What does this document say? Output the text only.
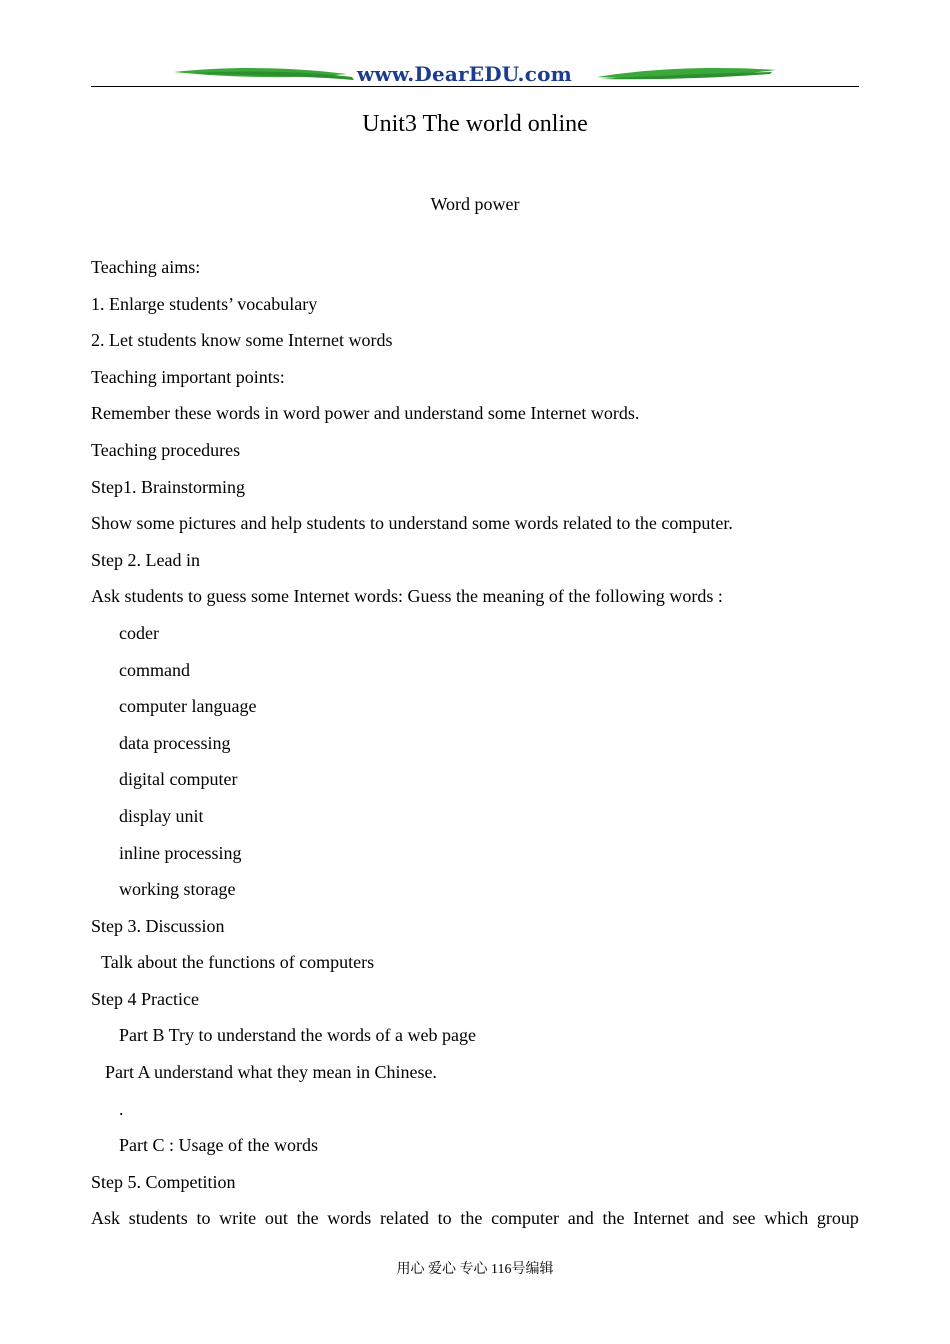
www.DearEDU.com
Unit3 The world online
Word power
Teaching aims:
1. Enlarge students’ vocabulary
2. Let students know some Internet words
Teaching important points:
Remember these words in word power and understand some Internet words.
Teaching procedures
Step1. Brainstorming
Show some pictures and help students to understand some words related to the computer.
Step 2. Lead in
Ask students to guess some Internet words: Guess the meaning of the following words :
coder
command
computer language
data processing
digital computer
display unit
inline processing
working storage
Step 3. Discussion
Talk about the functions of computers
Step 4 Practice
Part B Try to understand the words of a web page
Part A understand what they mean in Chinese.
.
Part C : Usage of the words
Step 5. Competition
Ask students to write out the words related to the computer and the Internet and see which group
用心 爱心 专心 116号编辑
